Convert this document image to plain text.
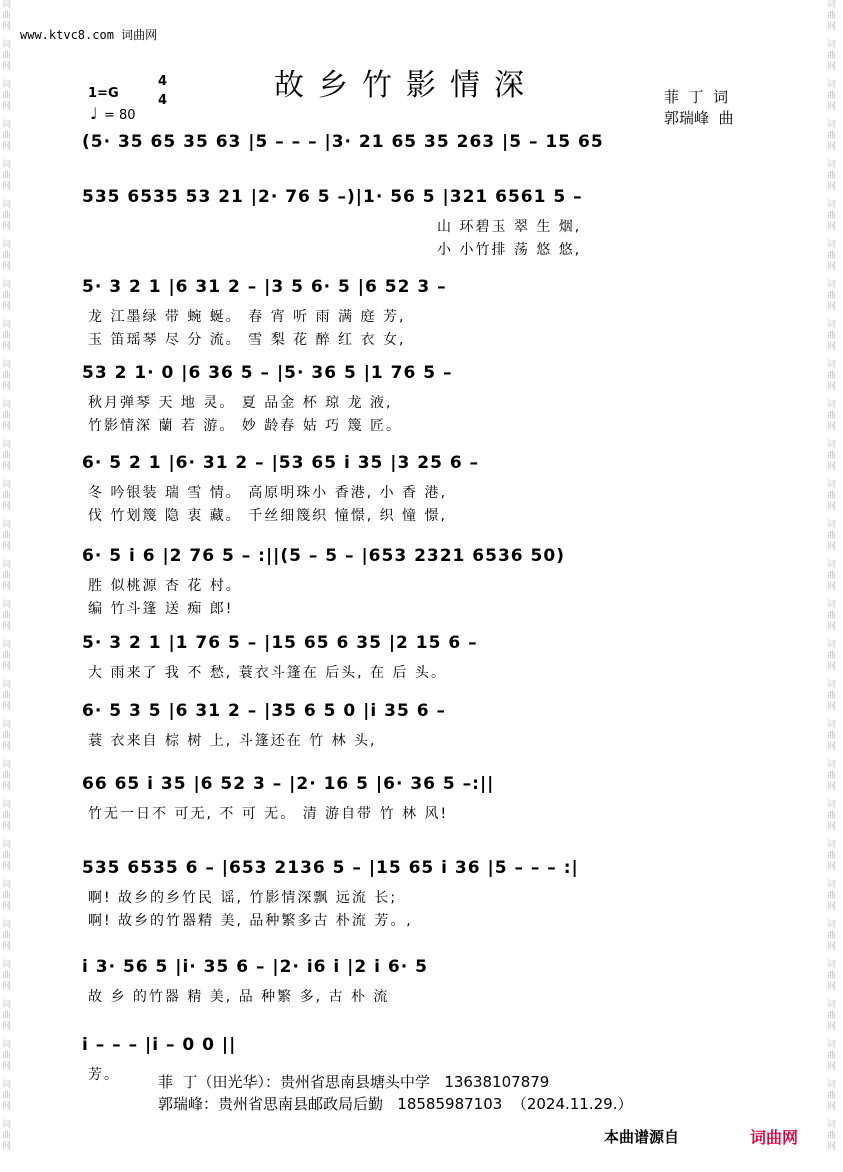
词 曲 网
词 曲 网
词 曲 网
词 曲 网
词 曲 网
词 曲 网
词 曲 网
词 曲 网
词 曲 网
词 曲 网
词 曲 网
词 曲 网
词 曲 网
词 曲 网
词 曲 网
词 曲 网
词 曲 网
词 曲 网
词 曲 网
词 曲 网
词 曲 网
词 曲 网
词 曲 网
词 曲 网
词 曲 网
词 曲 网
词 曲 网
词 曲 网
词 曲 网
词 曲 网
词 曲 网
词 曲 网
词 曲 网
词 曲 网
词 曲 网
词 曲 网
词 曲 网
词 曲 网
词 曲 网
词 曲 网
词 曲 网
词 曲 网
词 曲 网
词 曲 网
词 曲 网
词 曲 网
词 曲 网
词 曲 网
词 曲 网
词 曲 网
词 曲 网
词 曲 网
词 曲 网
词 曲 网
词 曲 网
词 曲 网
词 曲 网
词 曲 网
www.ktvc8.com 词曲网
故乡竹影情深
1=G
4
4
♩ = 80
菲  丁  词
郭瑞峰  曲
(5· 35 65 35 63 |5 – – – |3· 21 65 35 263 |5 – 15 65
535 6535 53 21 |2· 76 5 –)|1· 56 5 |321 6561 5 –
山 环碧玉 翠 生 烟,
小 小竹排 荡 悠 悠,
5· 3 2 1 |6 31 2 – |3 5 6· 5 |6 52 3 –
龙 江墨绿 带 蜿 蜒。 春 宵 听 雨 满 庭 芳,
玉 笛瑶琴 尽 分 流。 雪 梨 花 醉 红 衣 女,
53 2 1· 0 |6 36 5 – |5· 36 5 |1 76 5 –
秋月弹琴 天 地 灵。 夏 品金 杯 琼 龙 液,
竹影情深 蘭 若 游。 妙 龄春 姑 巧 篾 匠。
6· 5 2 1 |6· 31 2 – |53 65 i 35 |3 25 6 –
冬 吟银装 瑞 雪 情。 高原明珠小 香港, 小 香 港,
伐 竹划篾 隐 衷 藏。 千丝细篾织 憧憬, 织 憧 憬,
6· 5 i 6 |2 76 5 – :||(5 – 5 – |653 2321 6536 50)
胜 似桃源 杏 花 村。
编 竹斗篷 送 痴 郎!
5· 3 2 1 |1 76 5 – |15 65 6 35 |2 15 6 –
大 雨来了 我 不 愁, 蓑衣斗篷在 后头, 在 后 头。
6· 5 3 5 |6 31 2 – |35 6 5 0 |i 35 6 –
蓑 衣来自 棕 树 上, 斗篷还在 竹 林 头,
66 65 i 35 |6 52 3 – |2· 16 5 |6· 36 5 –:||
竹无一日不 可无, 不 可 无。 清 游自带 竹 林 风!
535 6535 6 – |653 2136 5 – |15 65 i 36 |5 – – – :|
啊! 故乡的乡竹民 谣, 竹影情深飘 远流 长;
啊! 故乡的竹器精 美, 品种繁多古 朴流 芳。,
i 3· 56 5 |i· 35 6 – |2· i6 i |2 i 6· 5
故 乡 的竹器 精 美, 品 种繁 多, 古 朴 流
i – – – |i – 0 0 ||
芳。	菲  丁（田光华）：贵州省思南县塘头中学   13638107879
郭瑞峰：贵州省思南县邮政局后勤   18585987103  （2024.11.29.）
本曲谱源自	词曲网
